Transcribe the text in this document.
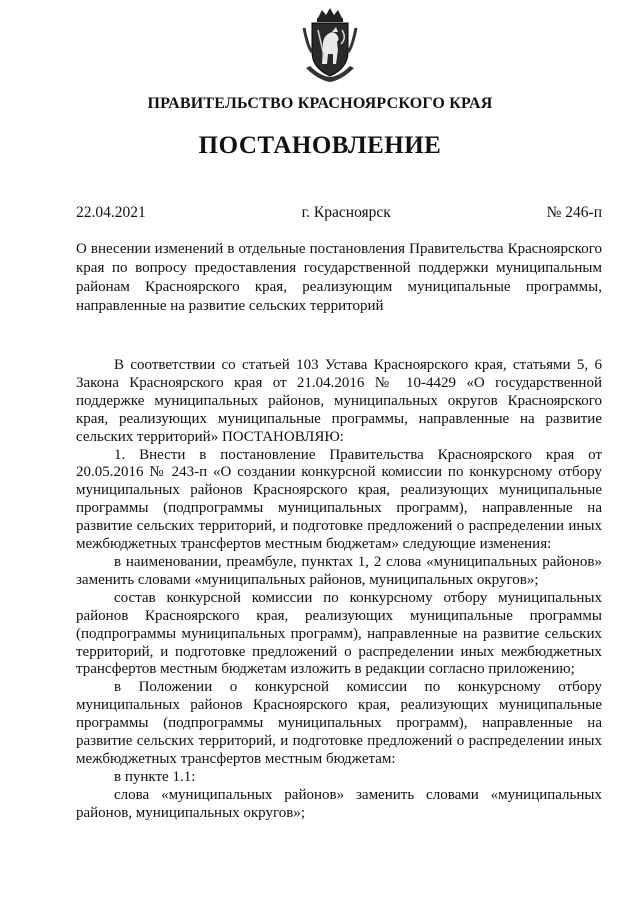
ПРАВИТЕЛЬСТВО КРАСНОЯРСКОГО КРАЯ
ПОСТАНОВЛЕНИЕ
22.04.2021	г. Красноярск	№ 246-п
О внесении изменений в отдельные постановления Правительства Красноярского края по вопросу предоставления государственной поддержки муниципальным районам Красноярского края, реализующим муниципальные программы, направленные на развитие сельских территорий

В соответствии со статьей 103 Устава Красноярского края, статьями 5, 6 Закона Красноярского края от 21.04.2016 № 10-4429 «О государственной поддержке муниципальных районов, муниципальных округов Красноярского края, реализующих муниципальные программы, направленные на развитие сельских территорий» ПОСТАНОВЛЯЮ:

1. Внести в постановление Правительства Красноярского края от 20.05.2016 № 243-п «О создании конкурсной комиссии по конкурсному отбору муниципальных районов Красноярского края, реализующих муниципальные программы (подпрограммы муниципальных программ), направленные на развитие сельских территорий, и подготовке предложений о распределении иных межбюджетных трансфертов местным бюджетам» следующие изменения:

в наименовании, преамбуле, пунктах 1, 2 слова «муниципальных районов» заменить словами «муниципальных районов, муниципальных округов»;

состав конкурсной комиссии по конкурсному отбору муниципальных районов Красноярского края, реализующих муниципальные программы (подпрограммы муниципальных программ), направленные на развитие сельских территорий, и подготовке предложений о распределении иных межбюджетных трансфертов местным бюджетам изложить в редакции согласно приложению;

в Положении о конкурсной комиссии по конкурсному отбору муниципальных районов Красноярского края, реализующих муниципальные программы (подпрограммы муниципальных программ), направленные на развитие сельских территорий, и подготовке предложений о распределении иных межбюджетных трансфертов местным бюджетам:

в пункте 1.1:

слова «муниципальных районов» заменить словами «муниципальных районов, муниципальных округов»;
